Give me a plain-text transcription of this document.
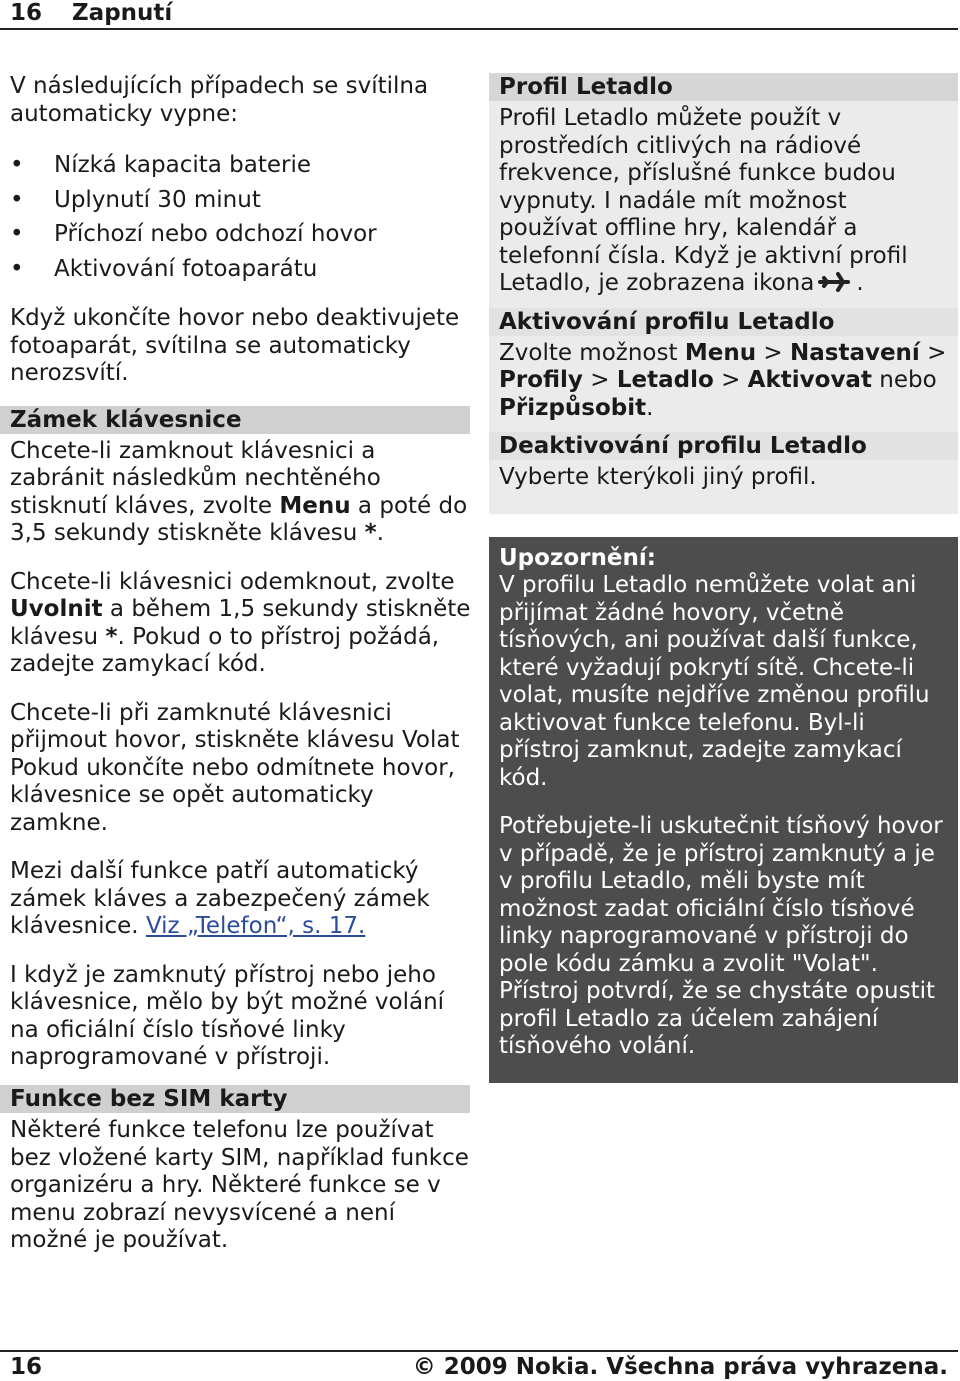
16 Zapnutí

V následujících případech se svítilna automaticky vypne:

• Nízká kapacita baterie
• Uplynutí 30 minut
• Příchozí nebo odchozí hovor
• Aktivování fotoaparátu

Když ukončíte hovor nebo deaktivujete fotoaparát, svítilna se automaticky nerozsvítí.

Zámek klávesnice

Chcete-li zamknout klávesnici a zabránit následkům nechtěného stisknutí kláves, zvolte Menu a poté do 3,5 sekundy stiskněte klávesu *.

Chcete-li klávesnici odemknout, zvolte Uvolnit a během 1,5 sekundy stiskněte klávesu *. Pokud o to přístroj požádá, zadejte zamykací kód.

Chcete-li při zamknuté klávesnici přijmout hovor, stiskněte klávesu Volat Pokud ukončíte nebo odmítnete hovor, klávesnice se opět automaticky zamkne.

Mezi další funkce patří automatický zámek kláves a zabezpečený zámek klávesnice. Viz „Telefon“, s. 17.

I když je zamknutý přístroj nebo jeho klávesnice, mělo by být možné volání na oficiální číslo tísňové linky naprogramované v přístroji.

Funkce bez SIM karty

Některé funkce telefonu lze používat bez vložené karty SIM, například funkce organizéru a hry. Některé funkce se v menu zobrazí nevysvícené a není možné je používat.

Profil Letadlo

Profil Letadlo můžete použít v prostředích citlivých na rádiové frekvence, příslušné funkce budou vypnuty. I nadále mít možnost používat offline hry, kalendář a telefonní čísla. Když je aktivní profil Letadlo, je zobrazena ikona .

Aktivování profilu Letadlo

Zvolte možnost Menu > Nastavení > Profily > Letadlo > Aktivovat nebo Přizpůsobit.

Deaktivování profilu Letadlo

Vyberte kterýkoli jiný profil.

Upozornění:

V profilu Letadlo nemůžete volat ani přijímat žádné hovory, včetně tísňových, ani používat další funkce, které vyžadují pokrytí sítě. Chcete-li volat, musíte nejdříve změnou profilu aktivovat funkce telefonu. Byl-li přístroj zamknut, zadejte zamykací kód.

Potřebujete-li uskutečnit tísňový hovor v případě, že je přístroj zamknutý a je v profilu Letadlo, měli byste mít možnost zadat oficiální číslo tísňové linky naprogramované v přístroji do pole kódu zámku a zvolit "Volat". Přístroj potvrdí, že se chystáte opustit profil Letadlo za účelem zahájení tísňového volání.

16	© 2009 Nokia. Všechna práva vyhrazena.
